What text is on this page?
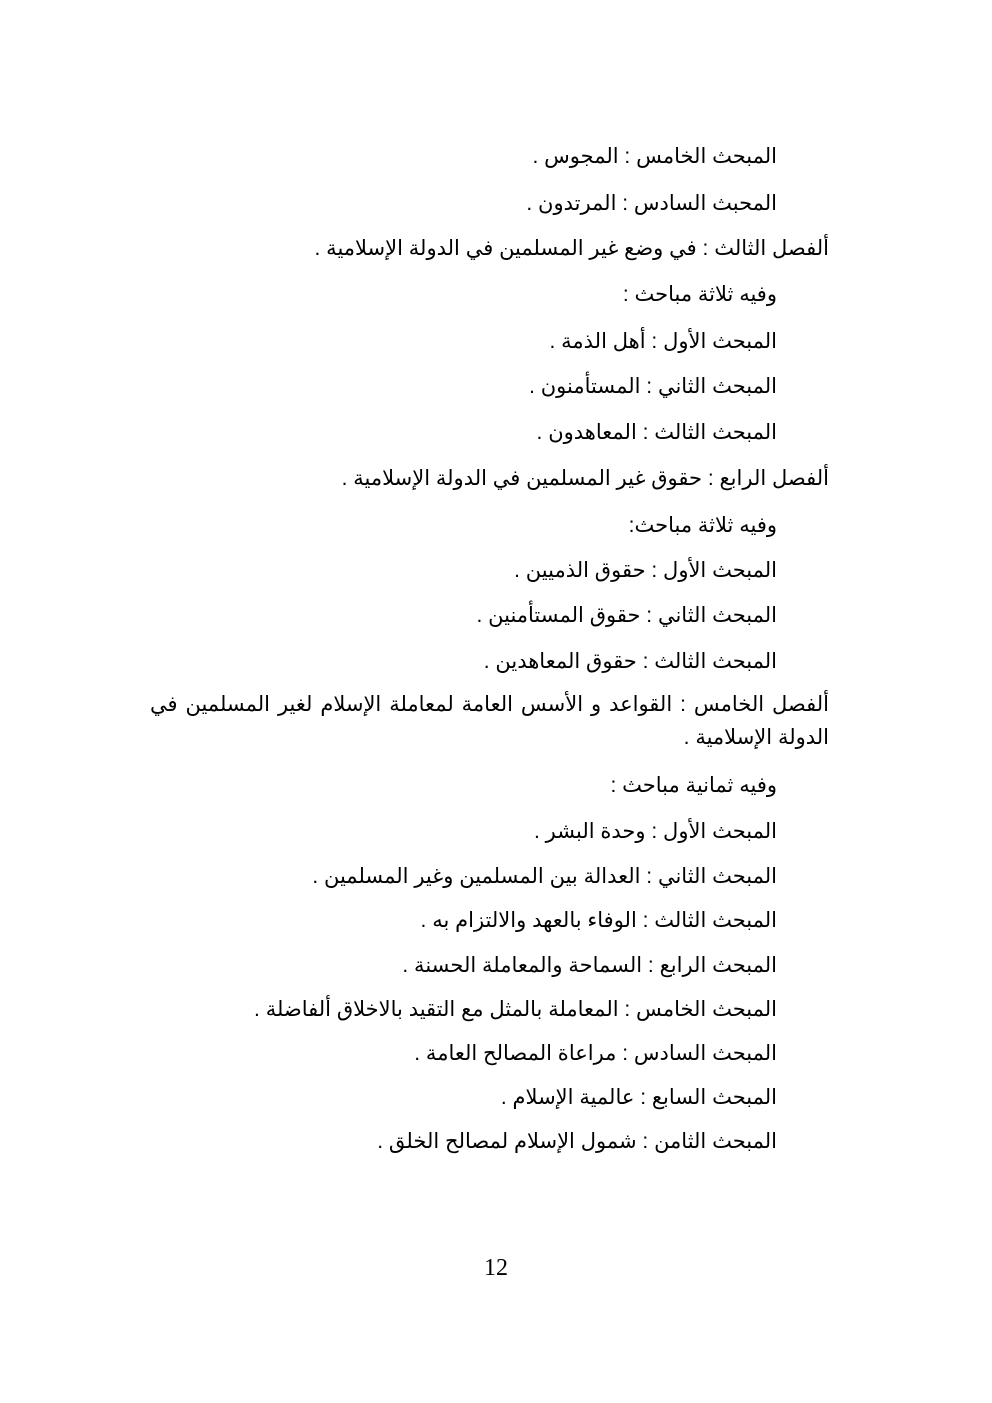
المبحث الخامس : المجوس .
المحبث السادس : المرتدون .
ألفصل الثالث : في وضع غير المسلمين في الدولة الإسلامية .
وفيه ثلاثة مباحث :
المبحث الأول : أهل الذمة .
المبحث الثاني : المستأمنون .
المبحث الثالث : المعاهدون .
ألفصل الرابع : حقوق غير المسلمين في الدولة الإسلامية .
وفيه ثلاثة مباحث:
المبحث الأول : حقوق الذميين .
المبحث الثاني : حقوق المستأمنين .
المبحث الثالث : حقوق المعاهدين .
ألفصل الخامس : القواعد و الأسس العامة لمعاملة الإسلام لغير المسلمين في الدولة الإسلامية .
وفيه ثمانية مباحث :
المبحث الأول : وحدة البشر .
المبحث الثاني : العدالة بين المسلمين وغير المسلمين .
المبحث الثالث : الوفاء بالعهد والالتزام به .
المبحث الرابع : السماحة والمعاملة الحسنة .
المبحث الخامس : المعاملة بالمثل مع التقيد بالاخلاق ألفاضلة .
المبحث السادس : مراعاة المصالح العامة .
المبحث السابع : عالمية الإسلام .
المبحث الثامن : شمول الإسلام لمصالح الخلق .
12
